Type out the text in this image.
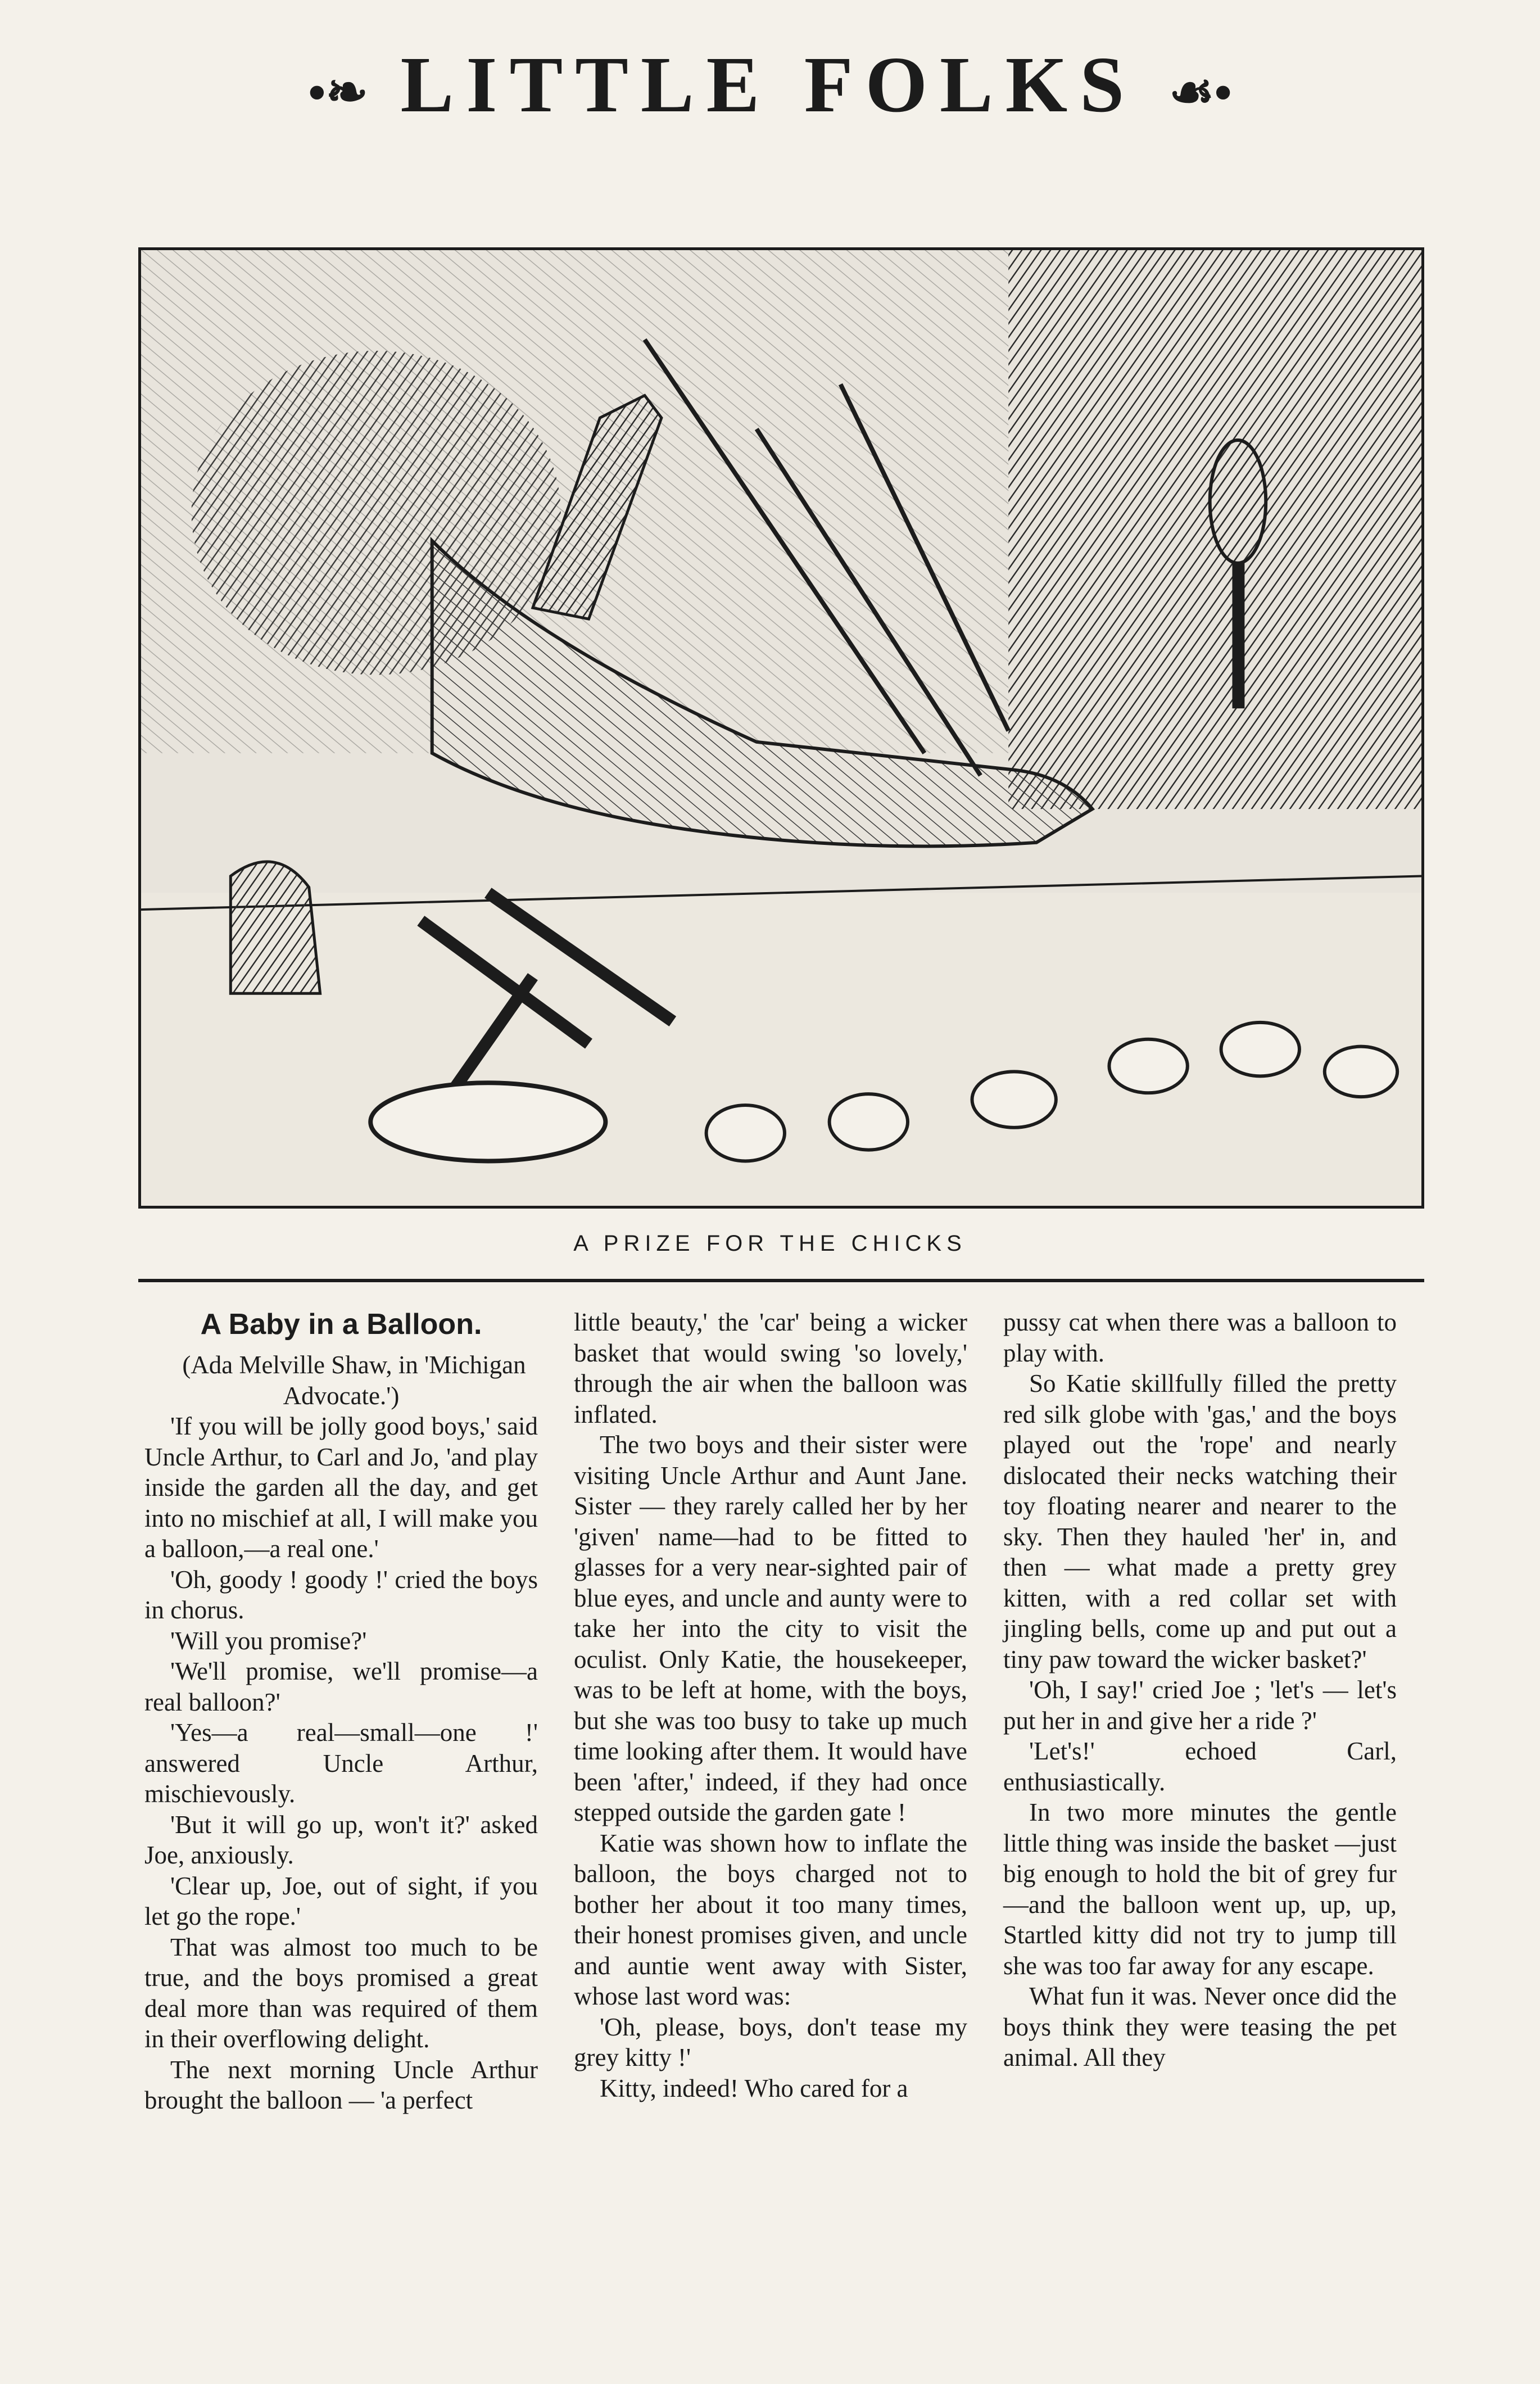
•❧ LITTLE FOLKS ☙•
A PRIZE FOR THE CHICKS
A Baby in a Balloon.

(Ada Melville Shaw, in 'Michigan Advocate.')

'If you will be jolly good boys,' said Uncle Arthur, to Carl and Jo, 'and play inside the garden all the day, and get into no mischief at all, I will make you a balloon,—a real one.'

'Oh, goody ! goody !' cried the boys in chorus.

'Will you promise?'

'We'll promise, we'll promise—a real balloon?'

'Yes—a real—small—one !' answered Uncle Arthur, mischievously.

'But it will go up, won't it?' asked Joe, anxiously.

'Clear up, Joe, out of sight, if you let go the rope.'

That was almost too much to be true, and the boys promised a great deal more than was required of them in their overflowing delight.

The next morning Uncle Arthur brought the balloon — 'a perfect

little beauty,' the 'car' being a wicker basket that would swing 'so lovely,' through the air when the balloon was inflated.

The two boys and their sister were visiting Uncle Arthur and Aunt Jane. Sister — they rarely called her by her 'given' name—had to be fitted to glasses for a very near-sighted pair of blue eyes, and uncle and aunty were to take her into the city to visit the oculist. Only Katie, the housekeeper, was to be left at home, with the boys, but she was too busy to take up much time looking after them. It would have been 'after,' indeed, if they had once stepped outside the garden gate !

Katie was shown how to inflate the balloon, the boys charged not to bother her about it too many times, their honest promises given, and uncle and auntie went away with Sister, whose last word was:

'Oh, please, boys, don't tease my grey kitty !'

Kitty, indeed! Who cared for a

pussy cat when there was a balloon to play with.

So Katie skillfully filled the pretty red silk globe with 'gas,' and the boys played out the 'rope' and nearly dislocated their necks watching their toy floating nearer and nearer to the sky. Then they hauled 'her' in, and then — what made a pretty grey kitten, with a red collar set with jingling bells, come up and put out a tiny paw toward the wicker basket?'

'Oh, I say!' cried Joe ; 'let's — let's put her in and give her a ride ?'

'Let's!' echoed Carl, enthusiastically.

In two more minutes the gentle little thing was inside the basket —just big enough to hold the bit of grey fur—and the balloon went up, up, up, Startled kitty did not try to jump till she was too far away for any escape.

What fun it was. Never once did the boys think they were teasing the pet animal. All they
